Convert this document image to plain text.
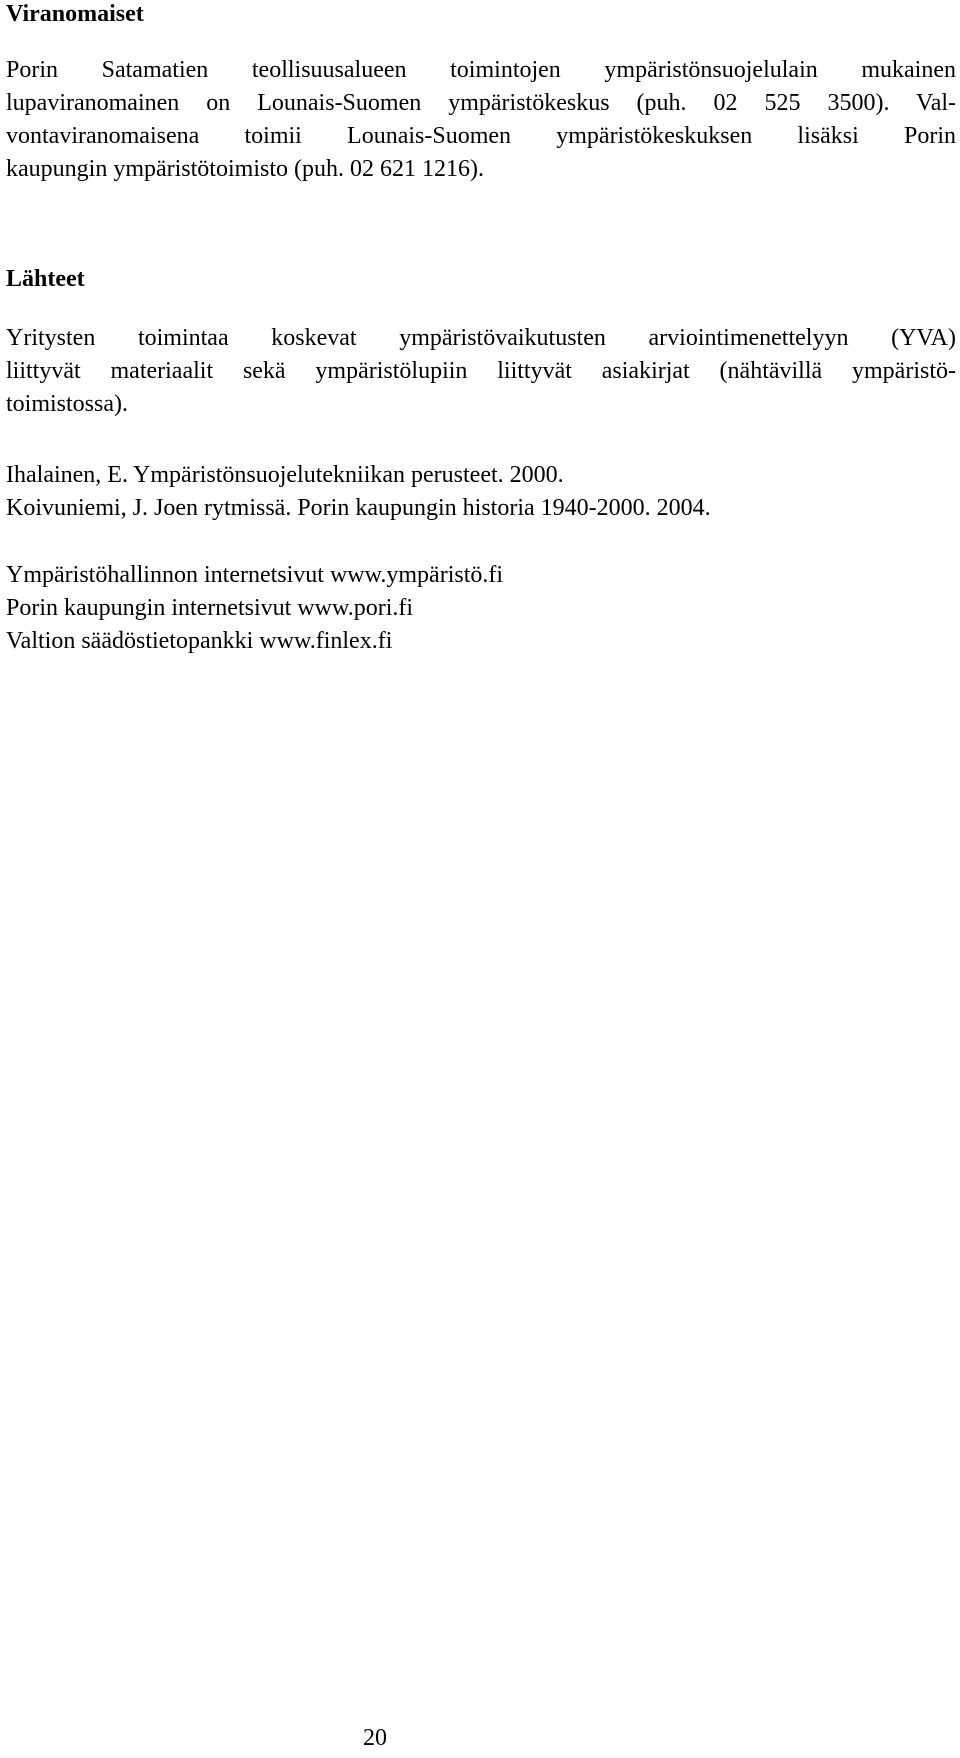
Viranomaiset
Porin Satamatien teollisuusalueen toimintojen ympäristönsuojelulain mukainen
lupaviranomainen on Lounais-Suomen ympäristökeskus (puh. 02 525 3500). Val-
vontaviranomaisena toimii Lounais-Suomen ympäristökeskuksen lisäksi Porin
kaupungin ympäristötoimisto (puh. 02 621 1216).
Lähteet
Yritysten toimintaa koskevat ympäristövaikutusten arviointimenettelyyn (YVA)
liittyvät materiaalit sekä ympäristölupiin liittyvät asiakirjat (nähtävillä ympäristö-
toimistossa).

Ihalainen, E. Ympäristönsuojelutekniikan perusteet. 2000.

Koivuniemi, J. Joen rytmissä. Porin kaupungin historia 1940-2000. 2004.

Ympäristöhallinnon internetsivut www.ympäristö.fi

Porin kaupungin internetsivut www.pori.fi

Valtion säädöstietopankki www.finlex.fi

20
